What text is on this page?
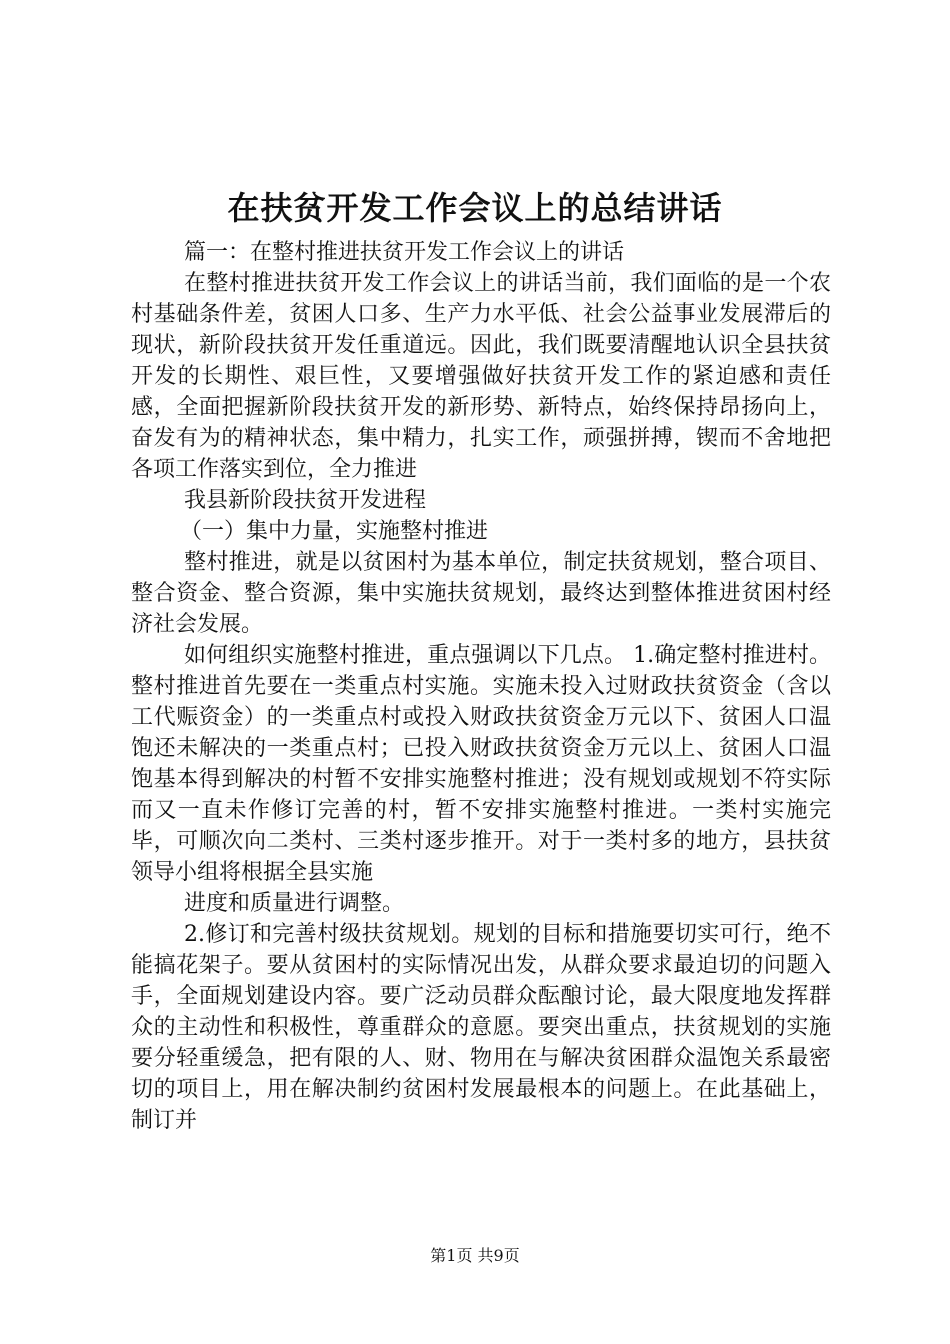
在扶贫开发工作会议上的总结讲话

篇一：在整村推进扶贫开发工作会议上的讲话

在整村推进扶贫开发工作会议上的讲话当前，我们面临的是一个农村基础条件差，贫困人口多、生产力水平低、社会公益事业发展滞后的现状，新阶段扶贫开发任重道远。因此，我们既要清醒地认识全县扶贫开发的长期性、艰巨性，又要增强做好扶贫开发工作的紧迫感和责任感，全面把握新阶段扶贫开发的新形势、新特点，始终保持昂扬向上，奋发有为的精神状态，集中精力，扎实工作，顽强拼搏，锲而不舍地把各项工作落实到位，全力推进

我县新阶段扶贫开发进程

（一）集中力量，实施整村推进

整村推进，就是以贫困村为基本单位，制定扶贫规划，整合项目、整合资金、整合资源，集中实施扶贫规划，最终达到整体推进贫困村经济社会发展。

如何组织实施整村推进，重点强调以下几点。 1.确定整村推进村。整村推进首先要在一类重点村实施。实施未投入过财政扶贫资金（含以工代赈资金）的一类重点村或投入财政扶贫资金万元以下、贫困人口温饱还未解决的一类重点村；已投入财政扶贫资金万元以上、贫困人口温饱基本得到解决的村暂不安排实施整村推进；没有规划或规划不符实际而又一直未作修订完善的村，暂不安排实施整村推进。一类村实施完毕，可顺次向二类村、三类村逐步推开。对于一类村多的地方，县扶贫领导小组将根据全县实施

进度和质量进行调整。

2.修订和完善村级扶贫规划。规划的目标和措施要切实可行，绝不能搞花架子。要从贫困村的实际情况出发，从群众要求最迫切的问题入手，全面规划建设内容。要广泛动员群众酝酿讨论，最大限度地发挥群众的主动性和积极性，尊重群众的意愿。要突出重点，扶贫规划的实施要分轻重缓急，把有限的人、财、物用在与解决贫困群众温饱关系最密切的项目上，用在解决制约贫困村发展最根本的问题上。在此基础上，制订并

第1页 共9页
